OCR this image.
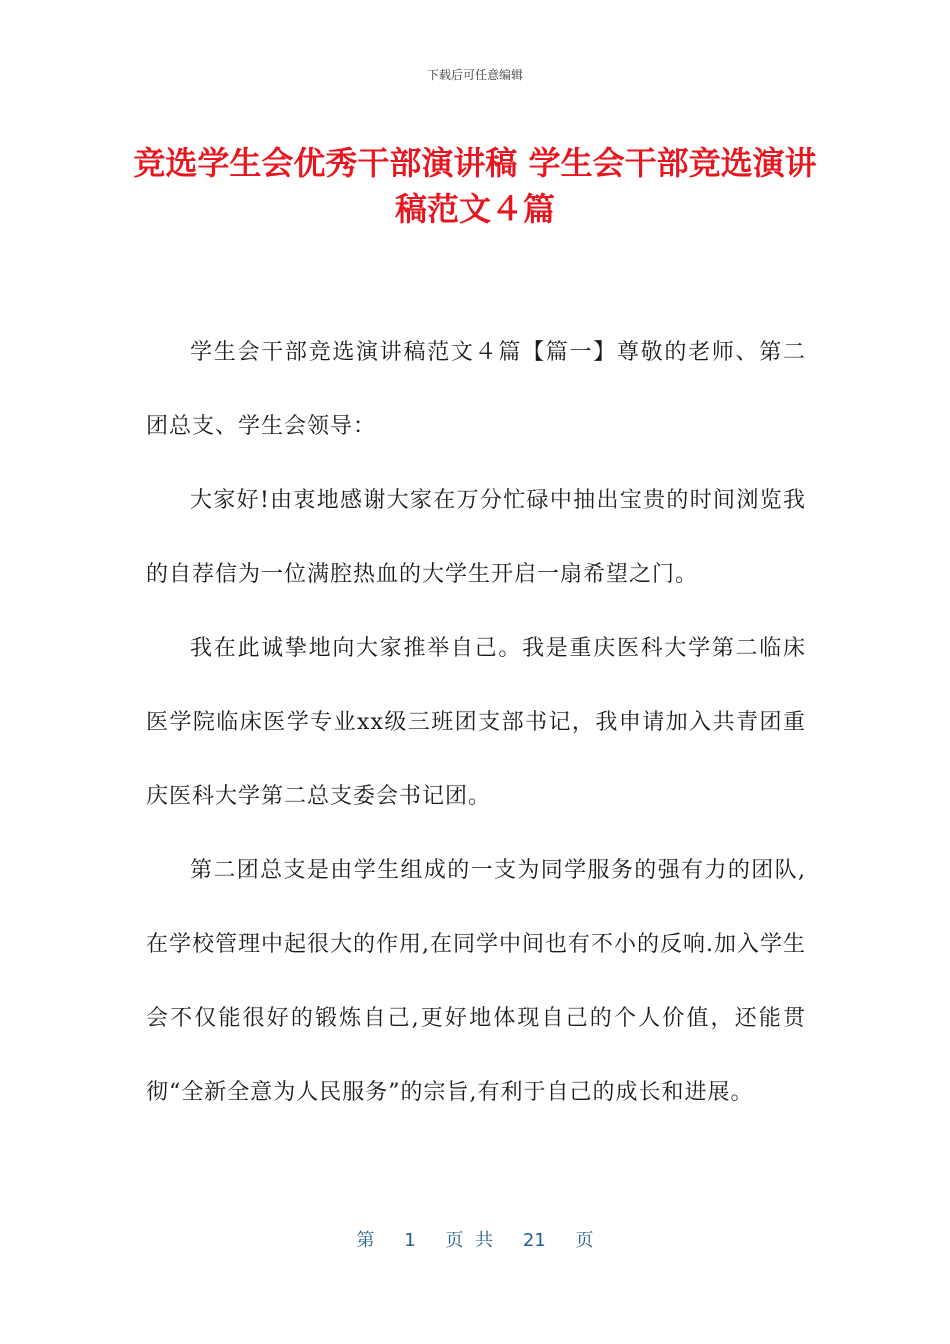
下载后可任意编辑
竞选学生会优秀干部演讲稿 学生会干部竞选演讲稿范文４篇

学生会干部竞选演讲稿范文４篇【篇一】尊敬的老师、第二团总支、学生会领导：

大家好!由衷地感谢大家在万分忙碌中抽出宝贵的时间浏览我的自荐信为一位满腔热血的大学生开启一扇希望之门。

我在此诚挚地向大家推举自己。我是重庆医科大学第二临床医学院临床医学专业xx级三班团支部书记，我申请加入共青团重庆医科大学第二总支委会书记团。

第二团总支是由学生组成的一支为同学服务的强有力的团队,在学校管理中起很大的作用,在同学中间也有不小的反响.加入学生会不仅能很好的锻炼自己,更好地体现自己的个人价值，还能贯彻“全新全意为人民服务”的宗旨,有利于自己的成长和进展。

第 1 页 共 21 页
